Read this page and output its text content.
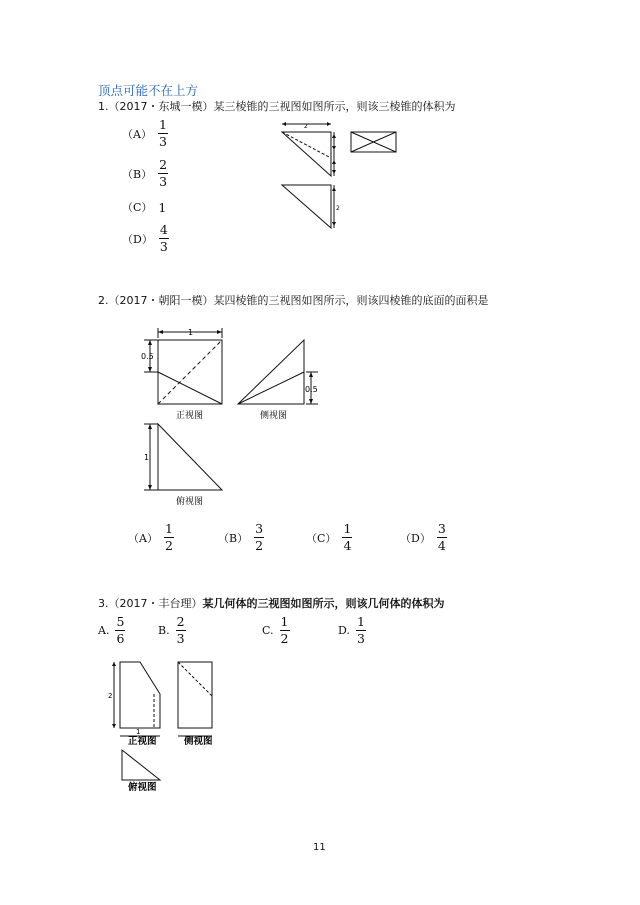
顶点可能不在上方
1.（2017・东城一模）某三棱锥的三视图如图所示，则该三棱锥的体积为
$(A) \frac{1}{3}$
$(B) \frac{2}{3}$
（C） 1
$(D) \frac{4}{3}$
2
2
2.（2017・朝阳一模）某四棱锥的三视图如图所示，则该四棱锥的底面的面积是
1
0.5
0.5
1
正视图	侧视图
俯视图
$(A) \frac{1}{2}$	$(B) \frac{3}{2}$	$(C) \frac{1}{4}$	$(D) \frac{3}{4}$
3.（2017・丰台理）某几何体的三视图如图所示，则该几何体的体积为
A. $\frac{5}{6}$	B. $\frac{2}{3}$	C. $\frac{1}{2}$	D. $\frac{1}{3}$
2
1
正视图	侧视图
俯视图
11
